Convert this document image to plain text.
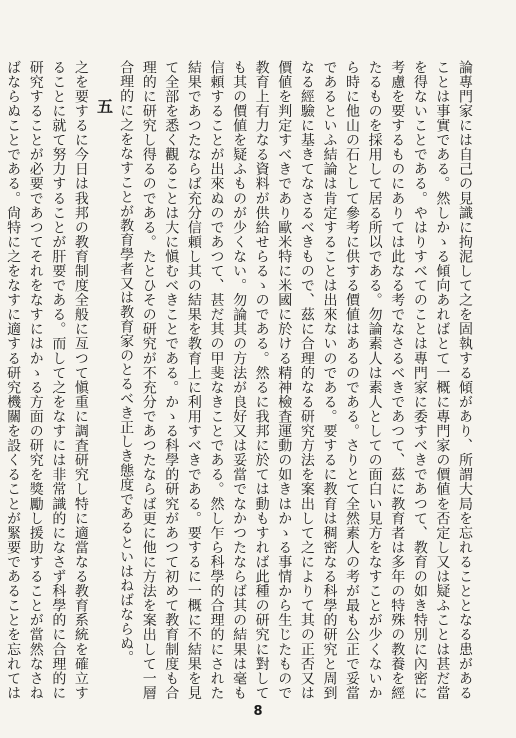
論專門家には自己の見識に拘泥して之を固執する傾があり、所謂大局を忘れることとなる患があることは事實である。然しかゝる傾向あればとて一概に專門家の價値を否定し又は疑ふことは甚だ當を得ないことである。やはりすべてのことは專門家に委すべきであつて、教育の如き特別に內密に考慮を要するものにありては此なる考でなさるべきであつて、茲に教育者は多年の特殊の教養を經たるものを採用して居る所以である。勿論素人は素人としての面白い見方をなすことが少くないから時に他山の石として參考に供する價値はあるのである。さりとて全然素人の考が最も公正で妥當であるといふ結論は肯定することは出來ないのである。要するに教育は稠密なる科學的研究と周到なる經驗に基きてなさるべきもので、茲に合理的なる研究方法を案出して之によりて其の正否又は價値を判定すべきであり歐米特に米國に於ける精神檢査運動の如きはかゝる事情から生じたもので教育上有力なる資料が供給せらるゝのである。然るに我邦に於ては動もすれば此種の研究に對しても其の價値を疑ふものが少くない。勿論其の方法が良好又は妥當でなかつたならば其の結果は毫も信頼することが出來ぬのであつて、甚だ其の甲斐なきことである。然し乍ら科學的合理的にされた結果であつたならば充分信頼し其の結果を教育上に利用すべきである。要するに一概に不結果を見て全部を悉く觀ることは大に愼むべきことである。かゝる科學的研究があつて初めて教育制度も合理的に研究し得るのである。たとひその研究が不充分であつたならば更に他に方法を案出して一層合理的に之をなすことが教育學者又は教育家のとるべき正しき態度であるといはねばならぬ。

五

之を要するに今日は我邦の教育制度全般に亙つて愼重に調査研究し特に適當なる教育系統を確立することに就て努力することが肝要である。而して之をなすには非常識的になさず科學的に合理的に研究することが必要であつてそれをなすにはかゝる方面の研究を獎勵し援助することが當然なさねばならぬことである。尙特に之をなすに適する研究機關を設くることが緊要であることを忘れては

8
